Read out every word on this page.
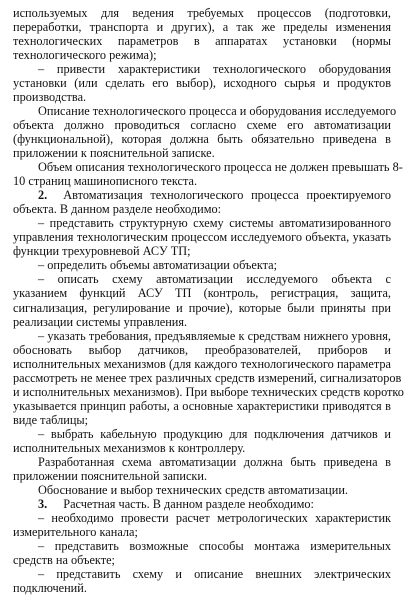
используемых для ведения требуемых процессов (подготовки,
переработки, транспорта и других), а так же пределы изменения
технологических параметров в аппаратах установки (нормы
технологического режима);
– привести характеристики технологического оборудования
установки (или сделать его выбор), исходного сырья и продуктов
производства.
Описание технологического процесса и оборудования исследуемого
объекта должно проводиться согласно схеме его автоматизации
(функциональной), которая должна быть обязательно приведена в
приложении к пояснительной записке.
Объем описания технологического процесса не должен превышать 8-
10 страниц машинописного текста.
2. Автоматизация технологического процесса проектируемого
объекта. В данном разделе необходимо:
– представить структурную схему системы автоматизированного
управления технологическим процессом исследуемого объекта, указать
функции трехуровневой АСУ ТП;
– определить объемы автоматизации объекта;
– описать схему автоматизации исследуемого объекта с
указанием функций АСУ ТП (контроль, регистрация, защита,
сигнализация, регулирование и прочие), которые были приняты при
реализации системы управления.
– указать требования, предъявляемые к средствам нижнего уровня,
обосновать выбор датчиков, преобразователей, приборов и
исполнительных механизмов (для каждого технологического параметра
рассмотреть не менее трех различных средств измерений, сигнализаторов
и исполнительных механизмов). При выборе технических средств коротко
указывается принцип работы, а основные характеристики приводятся в
виде таблицы;
– выбрать кабельную продукцию для подключения датчиков и
исполнительных механизмов к контроллеру.
Разработанная схема автоматизации должна быть приведена в
приложении пояснительной записки.
Обоснование и выбор технических средств автоматизации.
3. Расчетная часть. В данном разделе необходимо:
– необходимо провести расчет метрологических характеристик
измерительного канала;
– представить возможные способы монтажа измерительных
средств на объекте;
– представить схему и описание внешних электрических
подключений.
